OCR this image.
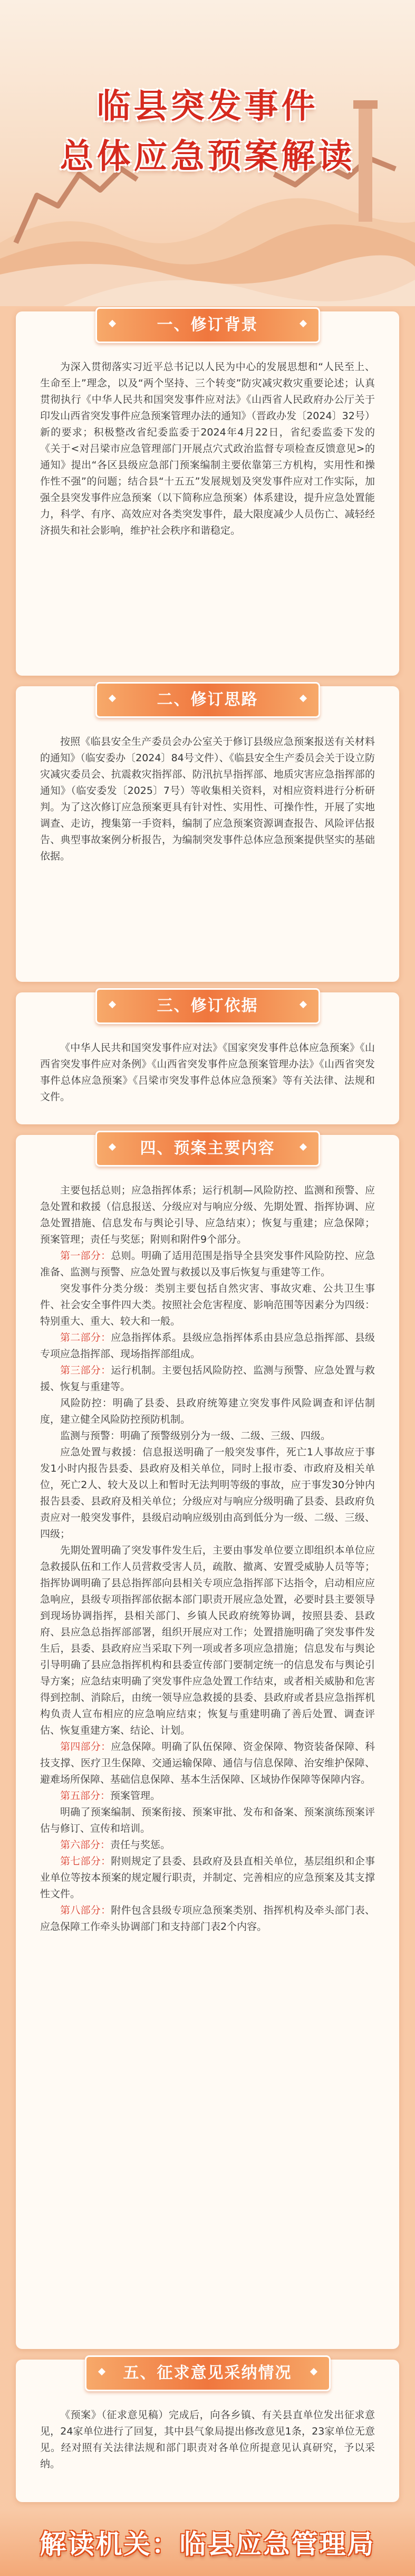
临县突发事件
总体应急预案解读
一、修订背景

为深入贯彻落实习近平总书记以人民为中心的发展思想和“人民至上、生命至上”理念，以及“两个坚持、三个转变”防灾减灾救灾重要论述；认真贯彻执行《中华人民共和国突发事件应对法》《山西省人民政府办公厅关于印发山西省突发事件应急预案管理办法的通知》（晋政办发〔2024〕32号）新的要求；积极整改省纪委监委于2024年4月22日，省纪委监委下发的《关于<对吕梁市应急管理部门开展点穴式政治监督专项检查反馈意见>的通知》提出“各区县级应急部门预案编制主要依靠第三方机构，实用性和操作性不强”的问题；结合县“十五五”发展规划及突发事件应对工作实际，加强全县突发事件应急预案（以下简称应急预案）体系建设，提升应急处置能力，科学、有序、高效应对各类突发事件，最大限度减少人员伤亡、减轻经济损失和社会影响，维护社会秩序和谐稳定。

二、修订思路

按照《临县安全生产委员会办公室关于修订县级应急预案报送有关材料的通知》（临安委办〔2024〕84号文件）、《临县安全生产委员会关于设立防灾减灾委员会、抗震救灾指挥部、防汛抗旱指挥部、地质灾害应急指挥部的通知》（临安委发〔2025〕7号）等收集相关资料，对相应资料进行分析研判。为了这次修订应急预案更具有针对性、实用性、可操作性，开展了实地调查、走访，搜集第一手资料，编制了应急预案资源调查报告、风险评估报告、典型事故案例分析报告，为编制突发事件总体应急预案提供坚实的基础依据。

三、修订依据

《中华人民共和国突发事件应对法》《国家突发事件总体应急预案》《山西省突发事件应对条例》《山西省突发事件应急预案管理办法》《山西省突发事件总体应急预案》《吕梁市突发事件总体应急预案》等有关法律、法规和文件。

四、预案主要内容

主要包括总则；应急指挥体系；运行机制—风险防控、监测和预警、应急处置和救援（信息报送、分级应对与响应分级、先期处置、指挥协调、应急处置措施、信息发布与舆论引导、应急结束）；恢复与重建；应急保障；预案管理；责任与奖惩；附则和附件9个部分。

第一部分：总则。明确了适用范围是指导全县突发事件风险防控、应急准备、监测与预警、应急处置与救援以及事后恢复与重建等工作。

突发事件分类分级：类别主要包括自然灾害、事故灾难、公共卫生事件、社会安全事件四大类。按照社会危害程度、影响范围等因素分为四级：特别重大、重大、较大和一般。

第二部分：应急指挥体系。县级应急指挥体系由县应急总指挥部、县级专项应急指挥部、现场指挥部组成。

第三部分：运行机制。主要包括风险防控、监测与预警、应急处置与救援、恢复与重建等。

风险防控：明确了县委、县政府统筹建立突发事件风险调查和评估制度，建立健全风险防控预防机制。

监测与预警：明确了预警级别分为一级、二级、三级、四级。

应急处置与救援：信息报送明确了一般突发事件，死亡1人事故应于事发1小时内报告县委、县政府及相关单位，同时上报市委、市政府及相关单位，死亡2人、较大及以上和暂时无法判明等级的事故，应于事发30分钟内报告县委、县政府及相关单位；分级应对与响应分级明确了县委、县政府负责应对一般突发事件，县级启动响应级别由高到低分为一级、二级、三级、四级；

先期处置明确了突发事件发生后，主要由事发单位要立即组织本单位应急救援队伍和工作人员营救受害人员，疏散、撤离、安置受威胁人员等等；指挥协调明确了县总指挥部向县相关专项应急指挥部下达指令，启动相应应急响应，县级专项指挥部依据本部门职责开展应急处置，必要时县主要领导到现场协调指挥，县相关部门、乡镇人民政府统筹协调，按照县委、县政府、县应急总指挥部部署，组织开展应对工作；处置措施明确了突发事件发生后，县委、县政府应当采取下列一项或者多项应急措施；信息发布与舆论引导明确了县应急指挥机构和县委宣传部门要制定统一的信息发布与舆论引导方案；应急结束明确了突发事件应急处置工作结束，或者相关威胁和危害得到控制、消除后，由统一领导应急救援的县委、县政府或者县应急指挥机构负责人宣布相应的应急响应结束；恢复与重建明确了善后处置、调查评估、恢复重建方案、结论、计划。

第四部分：应急保障。明确了队伍保障、资金保障、物资装备保障、科技支撑、医疗卫生保障、交通运输保障、通信与信息保障、治安维护保障、避难场所保障、基础信息保障、基本生活保障、区域协作保障等保障内容。

第五部分：预案管理。

明确了预案编制、预案衔接、预案审批、发布和备案、预案演练预案评估与修订、宣传和培训。

第六部分：责任与奖惩。

第七部分：附则规定了县委、县政府及县直相关单位，基层组织和企事业单位等按本预案的规定履行职责，并制定、完善相应的应急预案及其支撑性文件。

第八部分：附件包含县级专项应急预案类别、指挥机构及牵头部门表、应急保障工作牵头协调部门和支持部门表2个内容。

五、征求意见采纳情况

《预案》（征求意见稿）完成后，向各乡镇、有关县直单位发出征求意见，24家单位进行了回复，其中县气象局提出修改意见1条，23家单位无意见。经对照有关法律法规和部门职责对各单位所提意见认真研究，予以采纳。

解读机关：临县应急管理局
